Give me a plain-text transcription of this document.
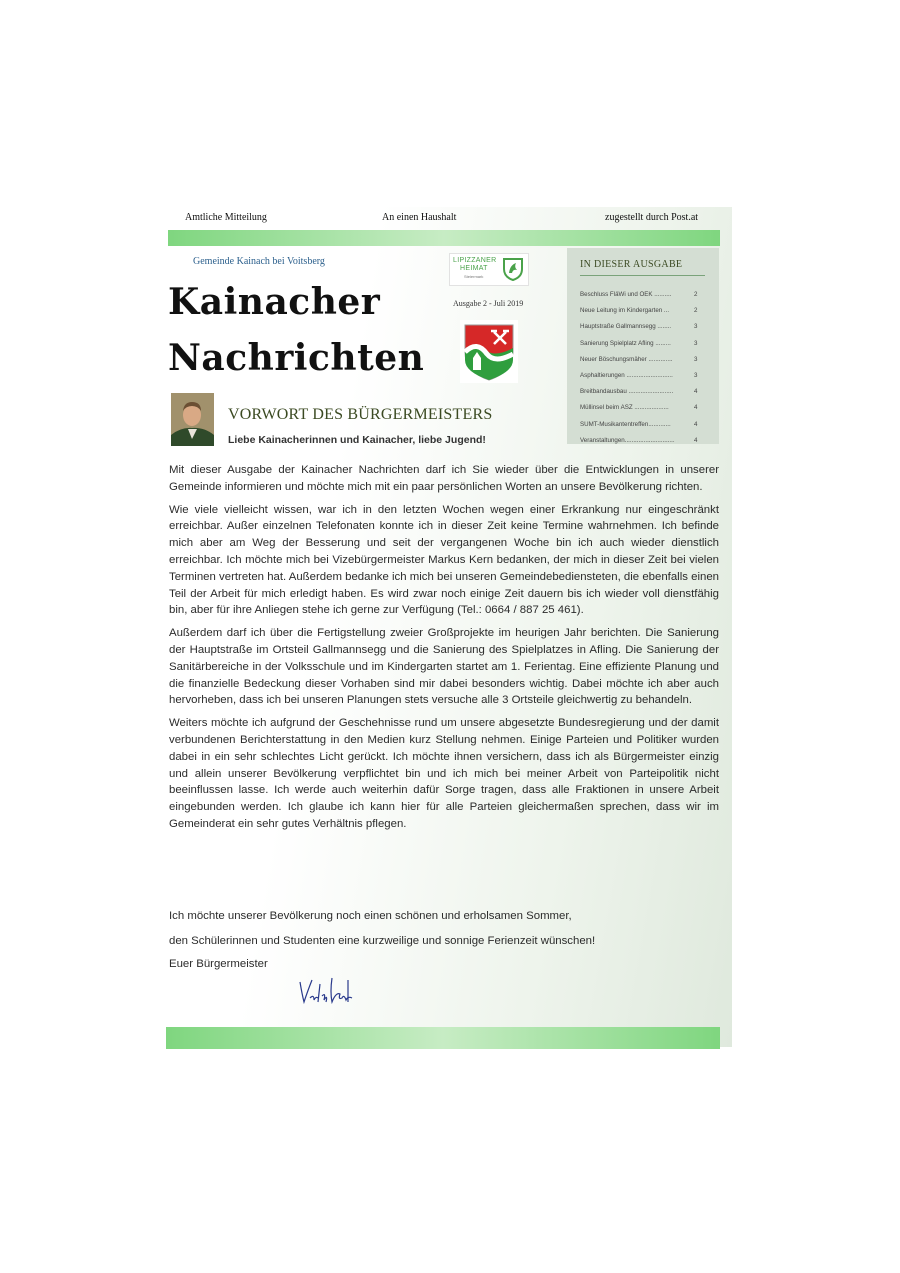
Amtliche Mitteilung	An einen Haushalt	zugestellt durch Post.at
Gemeinde Kainach bei Voitsberg
Kainacher
Nachrichten
LIPIZZANER
HEIMAT
Steiermark
Ausgabe 2 - Juli 2019
VORWORT DES BÜRGERMEISTERS
Liebe Kainacherinnen und Kainacher, liebe Jugend!
IN DIESER AUSGABE
Beschluss FläWi und ÖEK ..........	2
Neue Leitung im Kindergarten ...	2
Hauptstraße Gallmannsegg ........	3
Sanierung Spielplatz Afling .........	3
Neuer Böschungsmäher ..............	3
Asphaltierungen ...........................	3
Breitbandausbau ..........................	4
Müllinsel beim ASZ ....................	4
SUMT-Musikantentreffen.............	4
Veranstaltungen.............................	4

Mit dieser Ausgabe der Kainacher Nachrichten darf ich Sie wieder über die Entwicklungen in unserer Gemeinde informieren und möchte mich mit ein paar persönlichen Worten an unsere Bevölkerung richten.

Wie viele vielleicht wissen, war ich in den letzten Wochen wegen einer Erkrankung nur eingeschränkt erreichbar. Außer einzelnen Telefonaten konnte ich in dieser Zeit keine Termine wahrnehmen. Ich befinde mich aber am Weg der Besserung und seit der vergangenen Woche bin ich auch wieder dienstlich erreichbar. Ich möchte mich bei Vizebürgermeister Markus Kern bedanken, der mich in dieser Zeit bei vielen Terminen vertreten hat. Außerdem bedanke ich mich bei unseren Gemeindebediensteten, die ebenfalls einen Teil der Arbeit für mich erledigt haben. Es wird zwar noch einige Zeit dauern bis ich wieder voll dienstfähig bin, aber für ihre Anliegen stehe ich gerne zur Verfügung (Tel.: 0664 / 887 25 461).

Außerdem darf ich über die Fertigstellung zweier Großprojekte im heurigen Jahr berichten. Die Sanierung der Hauptstraße im Ortsteil Gallmannsegg und die Sanierung des Spielplatzes in Afling. Die Sanierung der Sanitärbereiche in der Volksschule und im Kindergarten startet am 1. Ferientag. Eine effiziente Planung und die finanzielle Bedeckung dieser Vorhaben sind mir dabei besonders wichtig. Dabei möchte ich aber auch hervorheben, dass ich bei unseren Planungen stets versuche alle 3 Ortsteile gleichwertig zu behandeln.

Weiters möchte ich aufgrund der Geschehnisse rund um unsere abgesetzte Bundesregierung und der damit verbundenen Berichterstattung in den Medien kurz Stellung nehmen. Einige Parteien und Politiker wurden dabei in ein sehr schlechtes Licht gerückt. Ich möchte ihnen versichern, dass ich als Bürgermeister einzig und allein unserer Bevölkerung verpflichtet bin und ich mich bei meiner Arbeit von Parteipolitik nicht beeinflussen lasse. Ich werde auch weiterhin dafür Sorge tragen, dass alle Fraktionen in unsere Arbeit eingebunden werden. Ich glaube ich kann hier für alle Parteien gleichermaßen sprechen, dass wir im Gemeinderat ein sehr gutes Verhältnis pflegen.

Ich möchte unserer Bevölkerung noch einen schönen und erholsamen Sommer,
den Schülerinnen und Studenten eine kurzweilige und sonnige Ferienzeit wünschen!
Euer Bürgermeister
